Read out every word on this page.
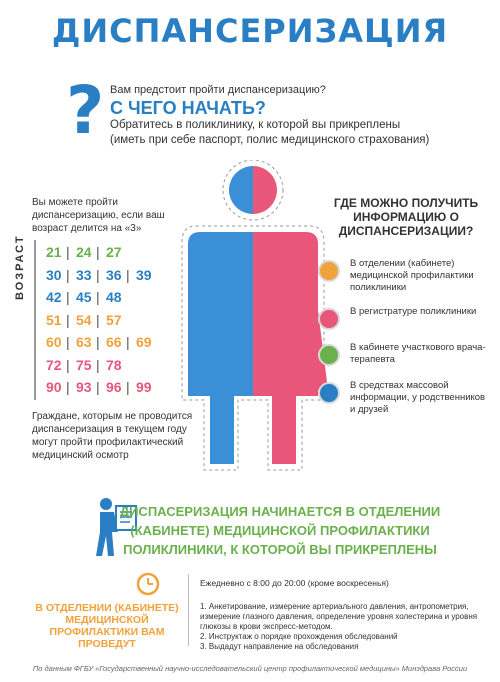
ДИСПАНСЕРИЗАЦИЯ
? Вам предстоит пройти диспансеризацию?
С ЧЕГО НАЧАТЬ?
Обратитесь в поликлинику, к которой вы прикреплены
(иметь при себе паспорт, полис медицинского страхования)
Вы можете пройти диспансеризацию, если ваш возраст делится на «3»
ВОЗРАСТ 21 | 24 | 27
30 | 33 | 36 | 39
42 | 45 | 48
51 | 54 | 57
60 | 63 | 66 | 69
72 | 75 | 78
90 | 93 | 96 | 99
Граждане, которым не проводится диспансеризация в текущем году могут пройти профилактический медицинский осмотр
ГДЕ МОЖНО ПОЛУЧИТЬ ИНФОРМАЦИЮ О ДИСПАНСЕРИЗАЦИИ?
В отделении (кабинете) медицинской профилактики поликлиники
В регистратуре поликлиники
В кабинете участкового врача-терапевта
В средствах массовой информации, у родственников и друзей
ДИСПАСЕРИЗАЦИЯ НАЧИНАЕТСЯ В ОТДЕЛЕНИИ (КАБИНЕТЕ) МЕДИЦИНСКОЙ ПРОФИЛАКТИКИ ПОЛИКЛИНИКИ, К КОТОРОЙ ВЫ ПРИКРЕПЛЕНЫ
В ОТДЕЛЕНИИ (КАБИНЕТЕ) МЕДИЦИНСКОЙ ПРОФИЛАКТИКИ ВАМ ПРОВЕДУТ
Ежедневно с 8:00 до 20:00 (кроме воскресенья)
1. Анкетирование, измерение артериального давления, антропометрия, измерение глазного давления, определение уровня холестерина и уровня глюкозы в крови экспресс-методом.
2. Инструктаж о порядке прохождения обследований
3. Выдадут направление на обследования
По данным ФГБУ «Государственный научно-исследовательский центр профилактической медицины» Минздрава России
